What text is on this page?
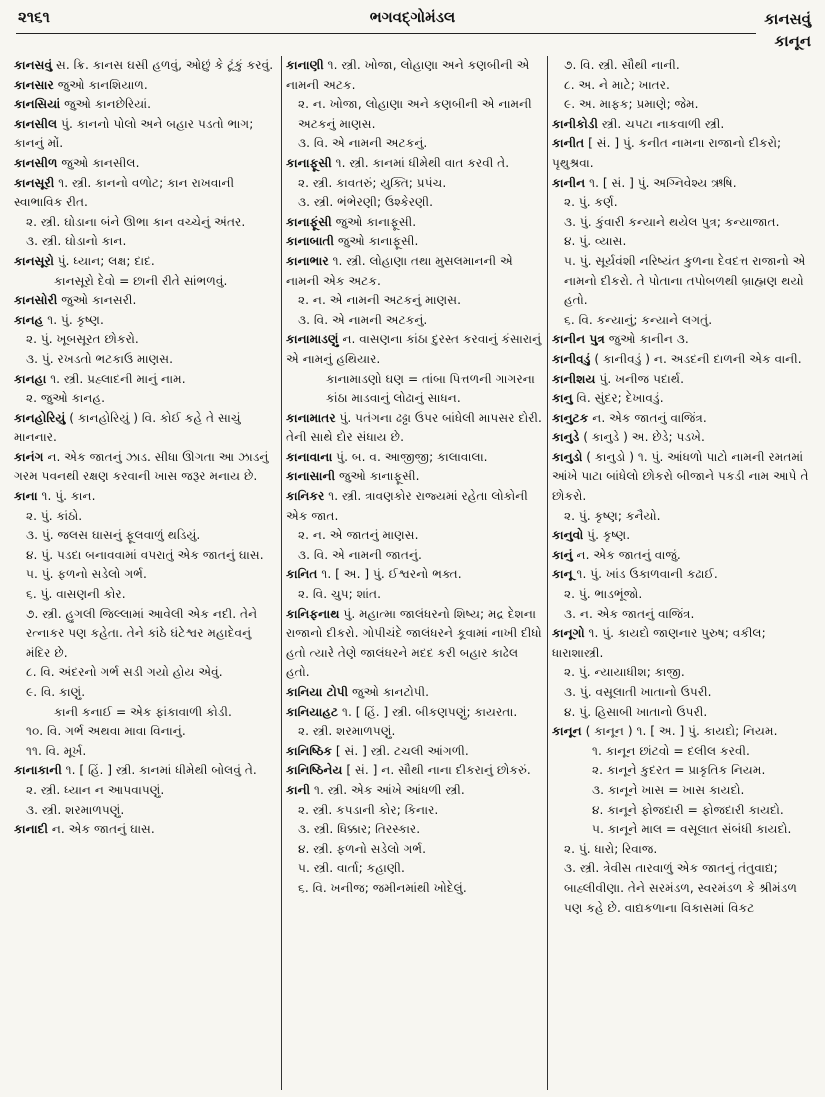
૨૧૬૧	ભગવદ્ગોમંડલ	કાનસવું
કાનૂન

કાનસવું સ. ક્રિ. કાનસ ઘસી હળવું, ઓછું કે ટૂંકું કરવું.

કાનસાર જુઓ કાનશિયાળ.

કાનસિયાં જુઓ કાનછેરિયાં.

કાનસીલ પું. કાનનો પોલો અને બહાર પડતો ભાગ; કાનનું મોં.

કાનસીળ જુઓ કાનસીલ.

કાનસૂરી ૧. સ્ત્રી. કાનનો વળોટ; કાન રાખવાની સ્વાભાવિક રીત.

૨. સ્ત્રી. ઘોડાના બંને ઊભા કાન વચ્ચેનું અંતર.

૩. સ્ત્રી. ઘોડાનો કાન.

કાનસૂરો પું. ધ્યાન; લક્ષ; દાદ.

કાનસૂરો દેવો = છાની રીતે સાંભળવું.

કાનસોરી જુઓ કાનસરી.

કાનહ ૧. પું. કૃષ્ણ.

૨. પું. ખૂબસૂરત છોકરો.

૩. પું. રખડતો ભટકાઉ માણસ.

કાનહા ૧. સ્ત્રી. પ્રહ્લાદની માનું નામ.

૨. જુઓ કાનહ.

કાનહોરિયું ( કાનહોરિયું ) વિ. કોઈ કહે તે સાચું માનનાર.

કાનંગ ન. એક જાતનું ઝાડ. સીધા ઊગતા આ ઝાડનું ગરમ પવનથી રક્ષણ કરવાની ખાસ જરૂર મનાય છે.

કાના ૧. પું. કાન.

૨. પું. કાંઠો.

૩. પું. જલસ ઘાસનું ફૂલવાળું થડિયું.

૪. પું. પડદા બનાવવામાં વપરાતું એક જાતનું ઘાસ.

૫. પું. ફળનો સડેલો ગર્ભ.

૬. પું. વાસણની કોર.

૭. સ્ત્રી. હુગલી જિલ્લામાં આવેલી એક નદી. તેને રત્નાકર પણ કહેતા. તેને કાંઠે ઘંટેશ્વર મહાદેવનું મંદિર છે.

૮. વિ. અંદરનો ગર્ભ સડી ગયો હોય એવું.

૯. વિ. કાણું.

કાની કનાઈ = એક ફાંકાવાળી કોડી.

૧૦. વિ. ગર્ભ અથવા માવા વિનાનું.

૧૧. વિ. મૂર્ખ.

કાનાકાની ૧. [ હિં. ] સ્ત્રી. કાનમાં ધીમેથી બોલવું તે.

૨. સ્ત્રી. ધ્યાન ન આપવાપણું.

૩. સ્ત્રી. શરમાળપણું.

કાનાદી ન. એક જાતનું ઘાસ.

કાનાણી ૧. સ્ત્રી. ખોજા, લોહાણા અને કણબીની એ નામની અટક.

૨. ન. ખોજા, લોહાણા અને કણબીની એ નામની અટકનું માણસ.

૩. વિ. એ નામની અટકનું.

કાનાફૂસી ૧. સ્ત્રી. કાનમાં ધીમેથી વાત કરવી તે.

૨. સ્ત્રી. કાવતરું; યુક્તિ; પ્રપંચ.

૩. સ્ત્રી. ભંભેરણી; ઉશ્કેરણી.

કાનાફૂંસી જુઓ કાનાફૂસી.

કાનાબાતી જુઓ કાનાફૂસી.

કાનાભાર ૧. સ્ત્રી. લોહાણા તથા મુસલમાનની એ નામની એક અટક.

૨. ન. એ નામની અટકનું માણસ.

૩. વિ. એ નામની અટકનું.

કાનામાડણું ન. વાસણના કાંઠા દુરસ્ત કરવાનું કંસારાનું એ નામનું હથિયાર.

કાનામાડણો ઘણ = તાંબા પિત્તળની ગાગરના કાંઠા માડવાનું લોઢાનું સાધન.

કાનામાતર પું. પતંગના ઢઢ્ઢા ઉપર બાંધેલી માપસર દોરી. તેની સાથે દોર સંધાય છે.

કાનાવાના પું. બ. વ. આજીજી; કાલાવાલા.

કાનાસાની જુઓ કાનાફૂસી.

કાનિકર ૧. સ્ત્રી. ત્રાવણકોર રાજ્યમાં રહેતા લોકોની એક જાત.

૨. ન. એ જાતનું માણસ.

૩. વિ. એ નામની જાતનું.

કાનિત ૧. [ અ. ] પું. ઈશ્વરનો ભક્ત.

૨. વિ. ચુપ; શાંત.

કાનિફનાથ પું. મહાત્મા જાલંધરનો શિષ્ય; મદ્ર દેશના રાજાનો દીકરો. ગોપીચંદે જાલંધરને કૂવામાં નાખી દીધો હતો ત્યારે તેણે જાલંધરને મદદ કરી બહાર કાઢેલ હતો.

કાનિયા ટોપી જુઓ કાનટોપી.

કાનિયાહટ ૧. [ હિં. ] સ્ત્રી. બીકણપણું; કાયરતા.

૨. સ્ત્રી. શરમાળપણું.

કાનિષ્ઠિક [ સં. ] સ્ત્રી. ટચલી આંગળી.

કાનિષ્ઠિનેય [ સં. ] ન. સૌથી નાના દીકરાનું છોકરું.

કાની ૧. સ્ત્રી. એક આંખે આંધળી સ્ત્રી.

૨. સ્ત્રી. કપડાની કોર; કિનાર.

૩. સ્ત્રી. ધિક્કાર; તિરસ્કાર.

૪. સ્ત્રી. ફળનો સડેલો ગર્ભ.

૫. સ્ત્રી. વાર્તા; કહાણી.

૬. વિ. ખનીજ; જમીનમાંથી ખોદેલું.

૭. વિ. સ્ત્રી. સૌથી નાની.

૮. અ. ને માટે; ખાતર.

૯. અ. માફક; પ્રમાણે; જેમ.

કાનીકોડી સ્ત્રી. ચપટા નાકવાળી સ્ત્રી.

કાનીત [ સં. ] પું. કનીત નામના રાજાનો દીકરો; પૃથુશ્રવા.

કાનીન ૧. [ સં. ] પું. અગ્નિવેશ્ય ઋષિ.

૨. પું. કર્ણ.

૩. પું. કુંવારી કન્યાને થયેલ પુત્ર; કન્યાજાત.

૪. પું. વ્યાસ.

૫. પું. સૂર્યવંશી નરિષ્યંત કુળના દેવદત્ત રાજાનો એ નામનો દીકરો. તે પોતાના તપોબળથી બ્રાહ્મણ થયો હતો.

૬. વિ. કન્યાનું; કન્યાને લગતું.

કાનીન પુત્ર જુઓ કાનીન ૩.

કાનીવડું ( કાનીવડું ) ન. અડદની દાળની એક વાની.

કાનીશય પું. ખનીજ પદાર્થ.

કાનુ વિ. સુંદર; દેખાવડું.

કાનુટક ન. એક જાતનું વાજિંત્ર.

કાનુડે ( કાનુડે ) અ. છેડે; પડખે.

કાનુડો ( કાનુડો ) ૧. પું. આંધળો પાટો નામની રમતમાં આંખે પાટા બાંધેલો છોકરો બીજાને પકડી નામ આપે તે છોકરો.

૨. પું. કૃષ્ણ; કનૈયો.

કાનુવો પું. કૃષ્ણ.

કાનું ન. એક જાતનું વાજું.

કાનૂ ૧. પું. ખાંડ ઉકાળવાની કઢાઈ.

૨. પું. ભાડભૂંજો.

૩. ન. એક જાતનું વાજિંત્ર.

કાનૂગો ૧. પું. કાયદો જાણનાર પુરુષ; વકીલ; ધારાશાસ્ત્રી.

૨. પું. ન્યાયાધીશ; કાજી.

૩. પું. વસૂલાતી ખાતાનો ઉપરી.

૪. પું. હિસાબી ખાતાનો ઉપરી.

કાનૂન ( કાનૂન ) ૧. [ અ. ] પું. કાયદો; નિયમ.

૧. કાનૂન છાંટવો = દલીલ કરવી.

૨. કાનૂને કુદરત = પ્રાકૃતિક નિયમ.

૩. કાનૂને ખાસ = ખાસ કાયદો.

૪. કાનૂને ફોજદારી = ફોજદારી કાયદો.

૫. કાનૂને માલ = વસૂલાત સંબંધી કાયદો.

૨. પું. ધારો; રિવાજ.

૩. સ્ત્રી. ત્રેવીસ તારવાળું એક જાતનું તંતુવાદ્ય; બાહ્લીવીણા. તેને સરમંડળ, સ્વરમંડળ કે શ્રીમંડળ પણ કહે છે. વાદ્યકળાના વિકાસમાં વિકટ
